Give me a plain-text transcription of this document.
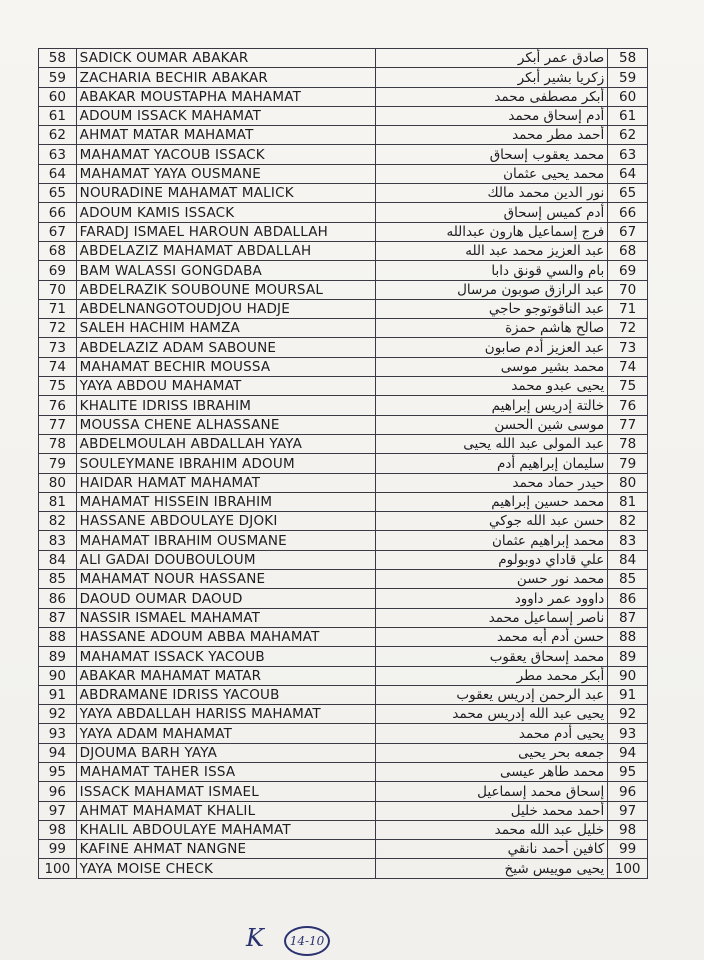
58	SADICK OUMAR ABAKAR	صادق عمر أبكر	58
59	ZACHARIA BECHIR ABAKAR	زكريا بشير أبكر	59
60	ABAKAR MOUSTAPHA MAHAMAT	أبكر مصطفى محمد	60
61	ADOUM ISSACK MAHAMAT	أدم إسحاق محمد	61
62	AHMAT MATAR MAHAMAT	أحمد مطر محمد	62
63	MAHAMAT YACOUB ISSACK	محمد يعقوب إسحاق	63
64	MAHAMAT YAYA OUSMANE	محمد يحيى عثمان	64
65	NOURADINE MAHAMAT MALICK	نور الدين محمد مالك	65
66	ADOUM KAMIS ISSACK	أدم كميس إسحاق	66
67	FARADJ ISMAEL HAROUN ABDALLAH	فرج إسماعيل هارون عبدالله	67
68	ABDELAZIZ MAHAMAT ABDALLAH	عبد العزيز محمد عبد الله	68
69	BAM WALASSI GONGDABA	بام والسي قونق دابا	69
70	ABDELRAZIK SOUBOUNE MOURSAL	عبد الرازق صوبون مرسال	70
71	ABDELNANGOTOUDJOU HADJE	عبد الناقوتوجو حاجي	71
72	SALEH HACHIM HAMZA	صالح هاشم حمزة	72
73	ABDELAZIZ ADAM SABOUNE	عبد العزيز أدم صابون	73
74	MAHAMAT BECHIR MOUSSA	محمد بشير موسى	74
75	YAYA ABDOU MAHAMAT	يحيى عبدو محمد	75
76	KHALITE IDRISS IBRAHIM	خالتة إدريس إبراهيم	76
77	MOUSSA CHENE ALHASSANE	موسى شين الحسن	77
78	ABDELMOULAH ABDALLAH YAYA	عبد المولى عبد الله يحيى	78
79	SOULEYMANE IBRAHIM ADOUM	سليمان إبراهيم أدم	79
80	HAIDAR HAMAT MAHAMAT	حيدر حماد محمد	80
81	MAHAMAT HISSEIN IBRAHIM	محمد حسين إبراهيم	81
82	HASSANE ABDOULAYE DJOKI	حسن عبد الله جوكي	82
83	MAHAMAT IBRAHIM OUSMANE	محمد إبراهيم عثمان	83
84	ALI GADAI DOUBOULOUM	علي قاداي دوبولوم	84
85	MAHAMAT NOUR HASSANE	محمد نور حسن	85
86	DAOUD OUMAR DAOUD	داوود عمر داوود	86
87	NASSIR ISMAEL MAHAMAT	ناصر إسماعيل محمد	87
88	HASSANE ADOUM ABBA MAHAMAT	حسن أدم أبه محمد	88
89	MAHAMAT ISSACK YACOUB	محمد إسحاق يعقوب	89
90	ABAKAR MAHAMAT MATAR	أبكر محمد مطر	90
91	ABDRAMANE IDRISS YACOUB	عبد الرحمن إدريس يعقوب	91
92	YAYA ABDALLAH HARISS MAHAMAT	يحيى عبد الله إدريس محمد	92
93	YAYA ADAM MAHAMAT	يحيى أدم محمد	93
94	DJOUMA BARH YAYA	جمعه بحر يحيى	94
95	MAHAMAT TAHER ISSA	محمد طاهر عيسى	95
96	ISSACK MAHAMAT ISMAEL	إسحاق محمد إسماعيل	96
97	AHMAT MAHAMAT KHALIL	أحمد محمد خليل	97
98	KHALIL ABDOULAYE MAHAMAT	خليل عبد الله محمد	98
99	KAFINE AHMAT NANGNE	كافين أحمد نانقي	99
100	YAYA MOISE CHECK	يحيى موييس شيخ	100
K	14-10
